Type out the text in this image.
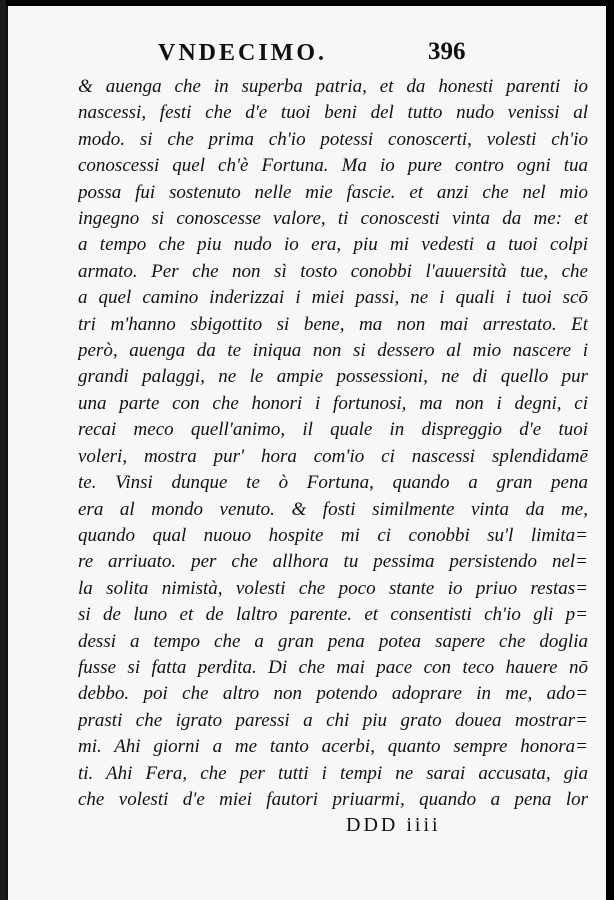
VNDECIMO.	396
& auenga che in superba patria, et da honesti parenti io
nascessi, festi che d'e tuoi beni del tutto nudo venissi al
modo. si che prima ch'io potessi conoscerti, volesti ch'io
conoscessi quel ch'è Fortuna. Ma io pure contro ogni tua
possa fui sostenuto nelle mie fascie. et anzi che nel mio
ingegno si conoscesse valore, ti conoscesti vinta da me: et
a tempo che piu nudo io era, piu mi vedesti a tuoi colpi
armato. Per che non sì tosto conobbi l'auuersità tue, che
a quel camino inderizzai i miei passi, ne i quali i tuoi scō
tri m'hanno sbigottito si bene, ma non mai arrestato. Et
però, auenga da te iniqua non si dessero al mio nascere i
grandi palaggi, ne le ampie possessioni, ne di quello pur
una parte con che honori i fortunosi, ma non i degni, ci
recai meco quell'animo, il quale in dispreggio d'e tuoi
voleri, mostra pur' hora com'io ci nascessi splendidamē
te. Vinsi dunque te ò Fortuna, quando a gran pena
era al mondo venuto. & fosti similmente vinta da me,
quando qual nuouo hospite mi ci conobbi su'l limita=
re arriuato. per che allhora tu pessima persistendo nel=
la solita nimistà, volesti che poco stante io priuo restas=
si de luno et de laltro parente. et consentisti ch'io gli p=
dessi a tempo che a gran pena potea sapere che doglia
fusse si fatta perdita. Di che mai pace con teco hauere nō
debbo. poi che altro non potendo adoprare in me, ado=
prasti che igrato paressi a chi piu grato douea mostrar=
mi. Ahi giorni a me tanto acerbi, quanto sempre honora=
ti. Ahi Fera, che per tutti i tempi ne sarai accusata, gia
che volesti d'e miei fautori priuarmi, quando a pena lor
DDD iiii
